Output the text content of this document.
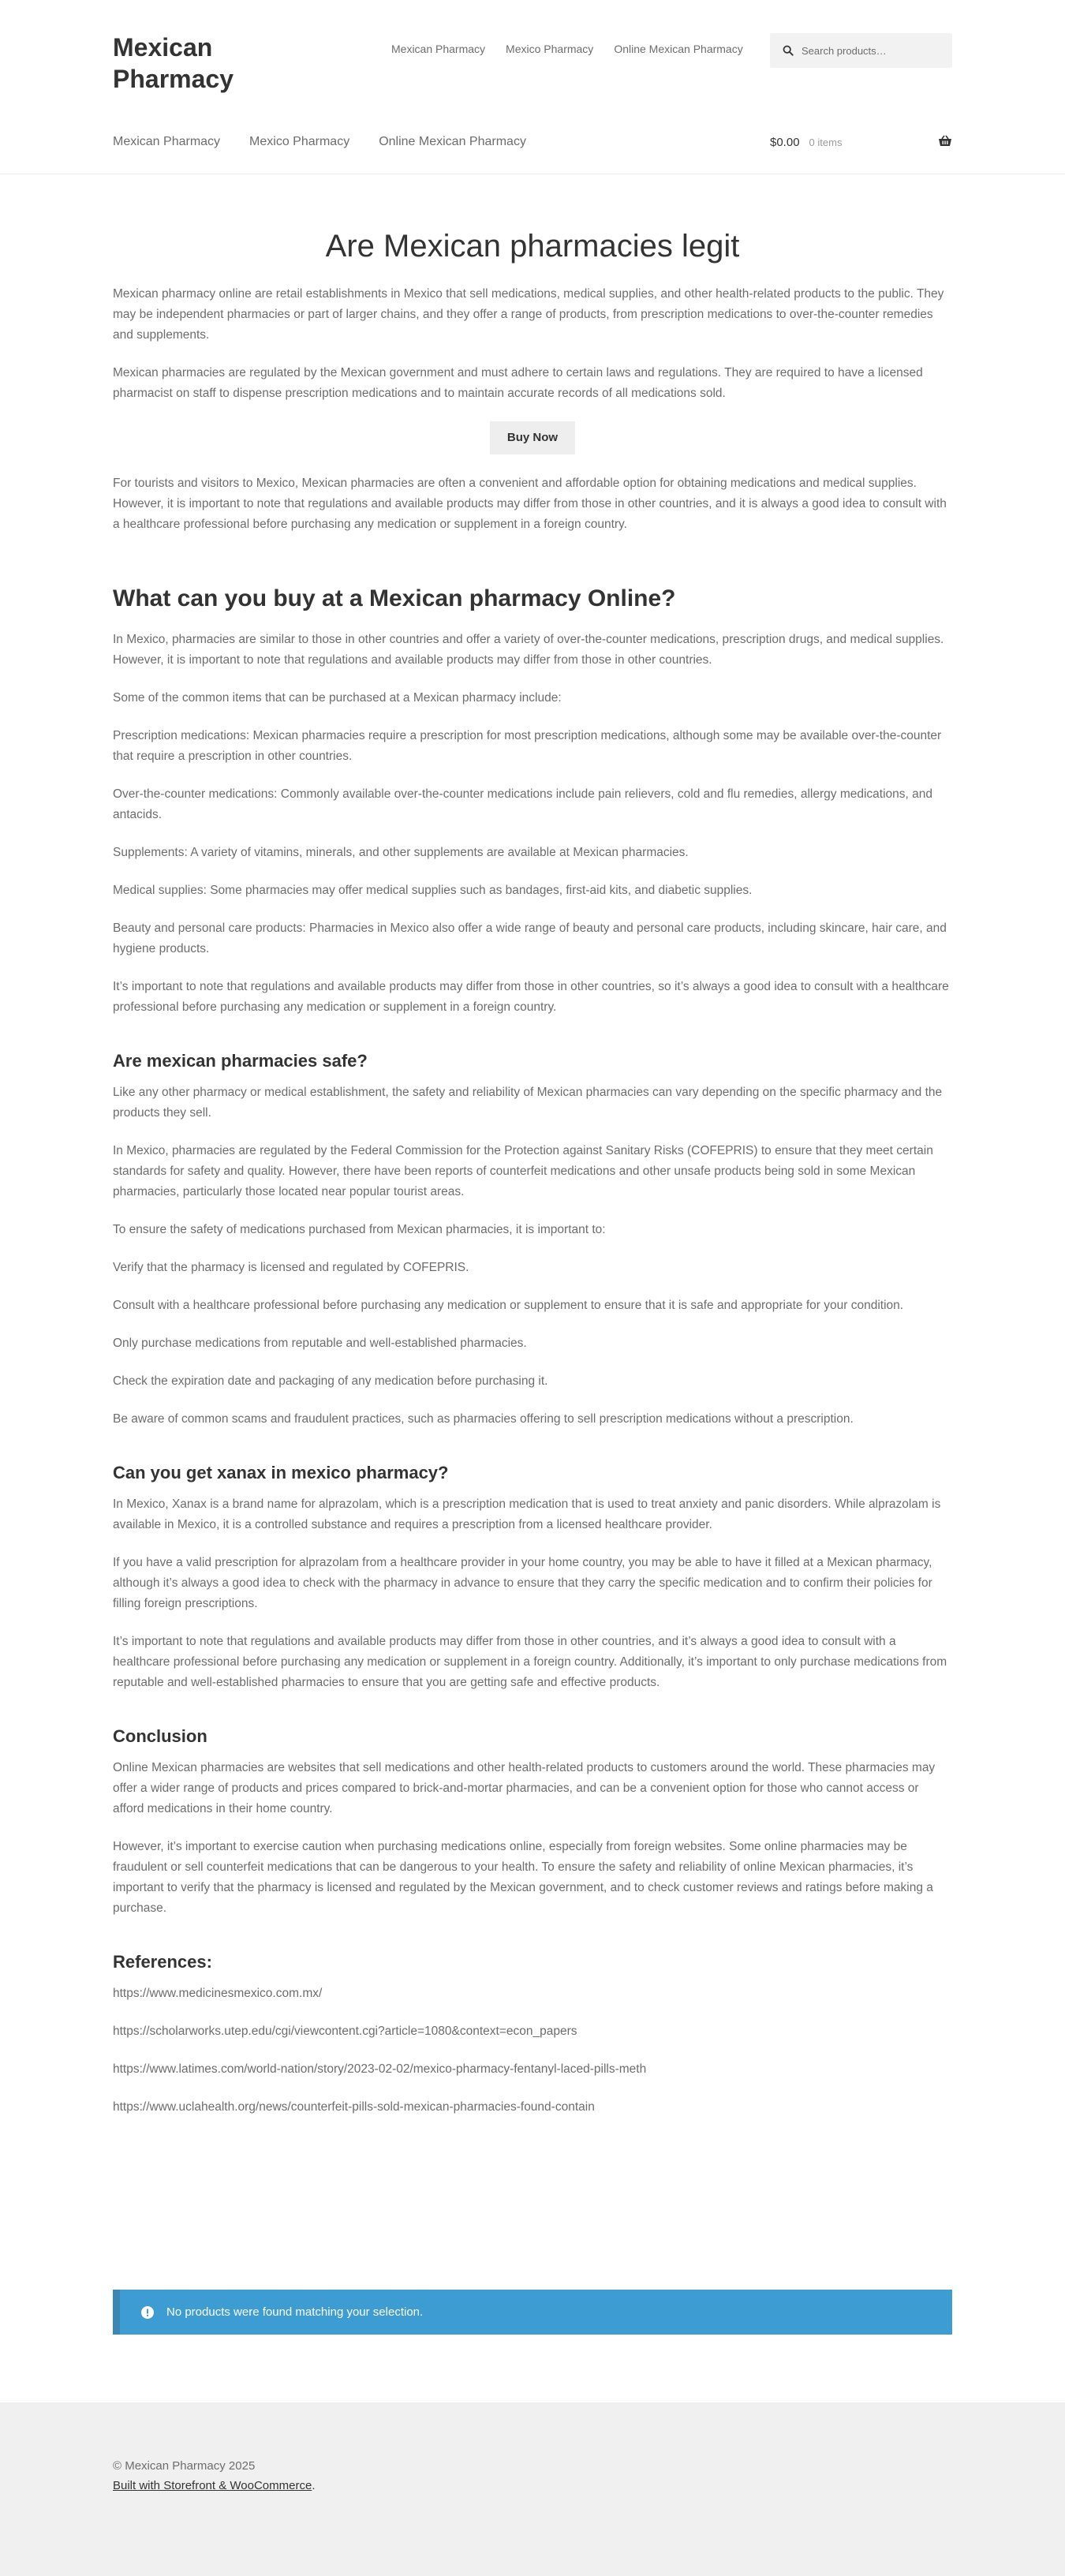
Mexican Pharmacy
Mexican Pharmacy Mexico Pharmacy Online Mexican Pharmacy
Search products…
Mexican Pharmacy Mexico Pharmacy Online Mexican Pharmacy	$0.00 0 items
Are Mexican pharmacies legit

Mexican pharmacy online are retail establishments in Mexico that sell medications, medical supplies, and other health-related products to the public. They may be independent pharmacies or part of larger chains, and they offer a range of products, from prescription medications to over-the-counter remedies and supplements.

Mexican pharmacies are regulated by the Mexican government and must adhere to certain laws and regulations. They are required to have a licensed pharmacist on staff to dispense prescription medications and to maintain accurate records of all medications sold.

Buy Now

For tourists and visitors to Mexico, Mexican pharmacies are often a convenient and affordable option for obtaining medications and medical supplies. However, it is important to note that regulations and available products may differ from those in other countries, and it is always a good idea to consult with a healthcare professional before purchasing any medication or supplement in a foreign country.

What can you buy at a Mexican pharmacy Online?

In Mexico, pharmacies are similar to those in other countries and offer a variety of over-the-counter medications, prescription drugs, and medical supplies. However, it is important to note that regulations and available products may differ from those in other countries.

Some of the common items that can be purchased at a Mexican pharmacy include:

Prescription medications: Mexican pharmacies require a prescription for most prescription medications, although some may be available over-the-counter that require a prescription in other countries.

Over-the-counter medications: Commonly available over-the-counter medications include pain relievers, cold and flu remedies, allergy medications, and antacids.

Supplements: A variety of vitamins, minerals, and other supplements are available at Mexican pharmacies.

Medical supplies: Some pharmacies may offer medical supplies such as bandages, first-aid kits, and diabetic supplies.

Beauty and personal care products: Pharmacies in Mexico also offer a wide range of beauty and personal care products, including skincare, hair care, and hygiene products.

It’s important to note that regulations and available products may differ from those in other countries, so it’s always a good idea to consult with a healthcare professional before purchasing any medication or supplement in a foreign country.

Are mexican pharmacies safe?

Like any other pharmacy or medical establishment, the safety and reliability of Mexican pharmacies can vary depending on the specific pharmacy and the products they sell.

In Mexico, pharmacies are regulated by the Federal Commission for the Protection against Sanitary Risks (COFEPRIS) to ensure that they meet certain standards for safety and quality. However, there have been reports of counterfeit medications and other unsafe products being sold in some Mexican pharmacies, particularly those located near popular tourist areas.

To ensure the safety of medications purchased from Mexican pharmacies, it is important to:

Verify that the pharmacy is licensed and regulated by COFEPRIS.

Consult with a healthcare professional before purchasing any medication or supplement to ensure that it is safe and appropriate for your condition.

Only purchase medications from reputable and well-established pharmacies.

Check the expiration date and packaging of any medication before purchasing it.

Be aware of common scams and fraudulent practices, such as pharmacies offering to sell prescription medications without a prescription.

Can you get xanax in mexico pharmacy?

In Mexico, Xanax is a brand name for alprazolam, which is a prescription medication that is used to treat anxiety and panic disorders. While alprazolam is available in Mexico, it is a controlled substance and requires a prescription from a licensed healthcare provider.

If you have a valid prescription for alprazolam from a healthcare provider in your home country, you may be able to have it filled at a Mexican pharmacy, although it’s always a good idea to check with the pharmacy in advance to ensure that they carry the specific medication and to confirm their policies for filling foreign prescriptions.

It’s important to note that regulations and available products may differ from those in other countries, and it’s always a good idea to consult with a healthcare professional before purchasing any medication or supplement in a foreign country. Additionally, it’s important to only purchase medications from reputable and well-established pharmacies to ensure that you are getting safe and effective products.

Conclusion

Online Mexican pharmacies are websites that sell medications and other health-related products to customers around the world. These pharmacies may offer a wider range of products and prices compared to brick-and-mortar pharmacies, and can be a convenient option for those who cannot access or afford medications in their home country.

However, it’s important to exercise caution when purchasing medications online, especially from foreign websites. Some online pharmacies may be fraudulent or sell counterfeit medications that can be dangerous to your health. To ensure the safety and reliability of online Mexican pharmacies, it’s important to verify that the pharmacy is licensed and regulated by the Mexican government, and to check customer reviews and ratings before making a purchase.

References:

https://www.medicinesmexico.com.mx/

https://scholarworks.utep.edu/cgi/viewcontent.cgi?article=1080&context=econ_papers

https://www.latimes.com/world-nation/story/2023-02-02/mexico-pharmacy-fentanyl-laced-pills-meth

https://www.uclahealth.org/news/counterfeit-pills-sold-mexican-pharmacies-found-contain

No products were found matching your selection.
© Mexican Pharmacy 2025
Built with Storefront & WooCommerce.
